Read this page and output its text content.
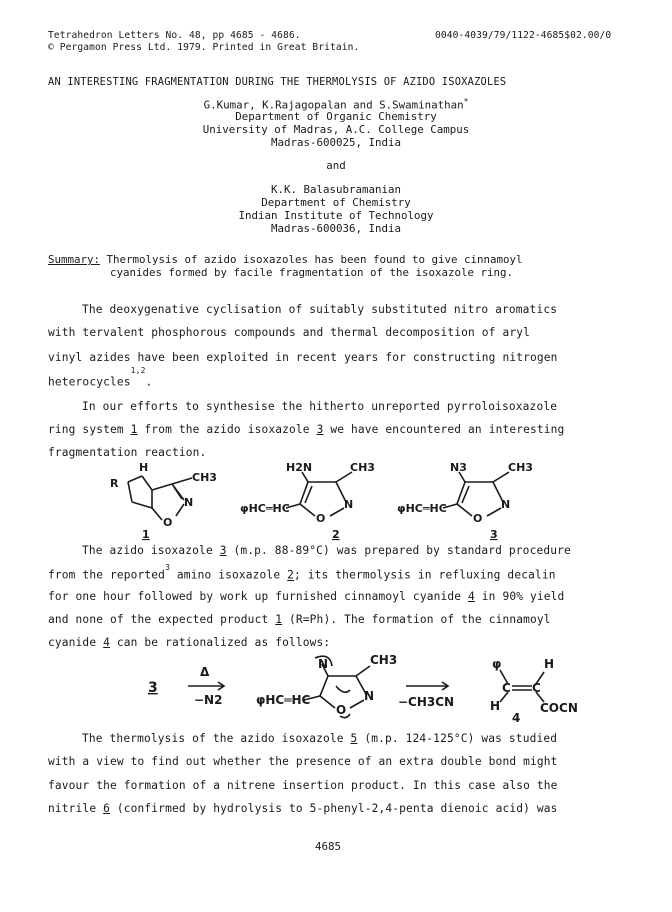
Tetrahedron Letters No. 48, pp 4685 - 4686.
© Pergamon Press Ltd. 1979. Printed in Great Britain.
0040-4039/79/1122-4685$02.00/0
AN INTERESTING FRAGMENTATION DURING THE THERMOLYSIS OF AZIDO ISOXAZOLES
G.Kumar, K.Rajagopalan and S.Swaminathan*
Department of Organic Chemistry
University of Madras, A.C. College Campus
Madras-600025, India
and
K.K. Balasubramanian
Department of Chemistry
Indian Institute of Technology
Madras-600036, India
Summary: Thermolysis of azido isoxazoles has been found to give cinnamoyl
cyanides formed by facile fragmentation of the isoxazole ring.
The deoxygenative cyclisation of suitably substituted nitro aromatics
with tervalent phosphorous compounds and thermal decomposition of aryl
vinyl azides have been exploited in recent years for constructing nitrogen
heterocycles$^{1,2}$.
In our efforts to synthesise the hitherto unreported pyrroloisoxazole
ring system 1 from the azido isoxazole 3 we have encountered an interesting
fragmentation reaction.
R
H
CH3
O
N
1
H2N	CH3
φHC═HC
O
N
2
N3	CH3
φHC═HC
O
N
3
The azido isoxazole 3 (m.p. 88-89°C) was prepared by standard procedure
from the reported$^3$ amino isoxazole 2; its thermolysis in refluxing decalin
for one hour followed by work up furnished cinnamoyl cyanide 4 in 90% yield
and none of the expected product 1 (R=Ph). The formation of the cinnamoyl
cyanide 4 can be rationalized as follows:
3
Δ
−N2
N	CH3
φHC═HC
O
N −CH3CN
φ	H
H
C C
COCN
4
The thermolysis of the azido isoxazole 5 (m.p. 124-125°C) was studied
with a view to find out whether the presence of an extra double bond might
favour the formation of a nitrene insertion product. In this case also the
nitrile 6 (confirmed by hydrolysis to 5-phenyl-2,4-penta dienoic acid) was
4685
